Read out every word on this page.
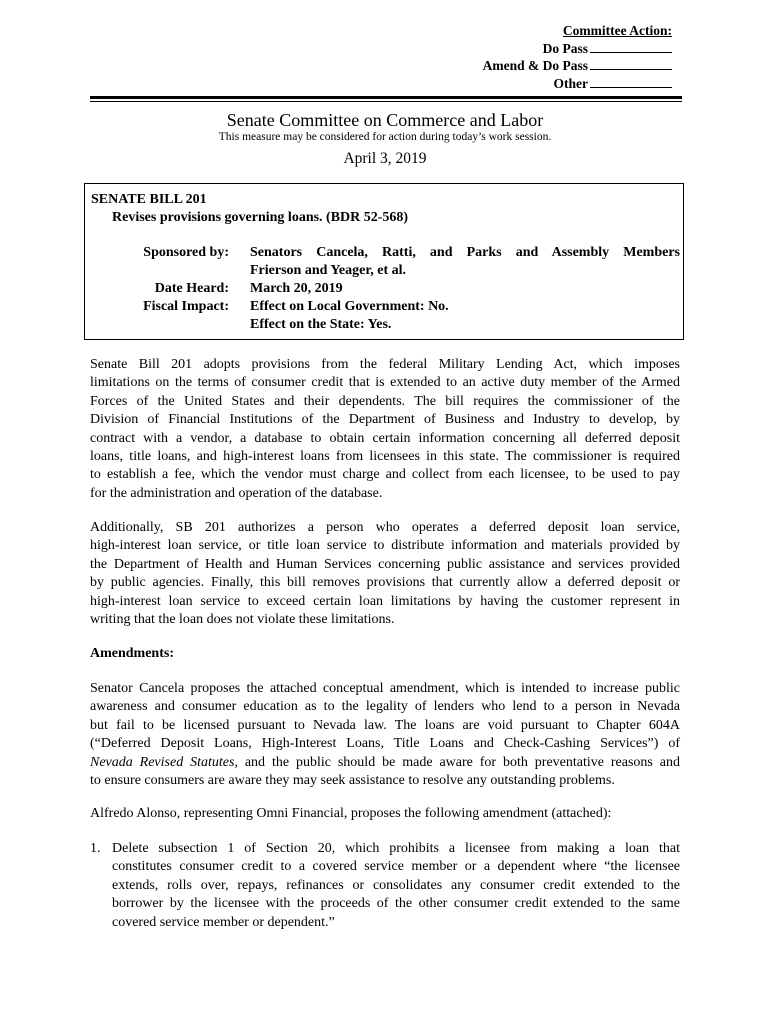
Committee Action:
Do Pass
Amend & Do Pass
Other
Senate Committee on Commerce and Labor
This measure may be considered for action during today’s work session.
April 3, 2019
SENATE BILL 201
Revises provisions governing loans. (BDR 52-568)
Sponsored by: Senators Cancela, Ratti, and Parks and Assembly Members
Frierson and Yeager, et al.
Date Heard: March 20, 2019
Fiscal Impact: Effect on Local Government: No.
Effect on the State: Yes.
Senate Bill 201 adopts provisions from the federal Military Lending Act, which imposes
limitations on the terms of consumer credit that is extended to an active duty member of the Armed
Forces of the United States and their dependents. The bill requires the commissioner of the
Division of Financial Institutions of the Department of Business and Industry to develop, by
contract with a vendor, a database to obtain certain information concerning all deferred deposit
loans, title loans, and high-interest loans from licensees in this state. The commissioner is required
to establish a fee, which the vendor must charge and collect from each licensee, to be used to pay
for the administration and operation of the database.
Additionally, SB 201 authorizes a person who operates a deferred deposit loan service,
high-interest loan service, or title loan service to distribute information and materials provided by
the Department of Health and Human Services concerning public assistance and services provided
by public agencies. Finally, this bill removes provisions that currently allow a deferred deposit or
high-interest loan service to exceed certain loan limitations by having the customer represent in
writing that the loan does not violate these limitations.
Amendments:
Senator Cancela proposes the attached conceptual amendment, which is intended to increase public
awareness and consumer education as to the legality of lenders who lend to a person in Nevada
but fail to be licensed pursuant to Nevada law. The loans are void pursuant to Chapter 604A
(“Deferred Deposit Loans, High-Interest Loans, Title Loans and Check-Cashing Services”) of
Nevada Revised Statutes, and the public should be made aware for both preventative reasons and
to ensure consumers are aware they may seek assistance to resolve any outstanding problems.
Alfredo Alonso, representing Omni Financial, proposes the following amendment (attached):
1. Delete subsection 1 of Section 20, which prohibits a licensee from making a loan that
constitutes consumer credit to a covered service member or a dependent where “the licensee
extends, rolls over, repays, refinances or consolidates any consumer credit extended to the
borrower by the licensee with the proceeds of the other consumer credit extended to the same
covered service member or dependent.”
